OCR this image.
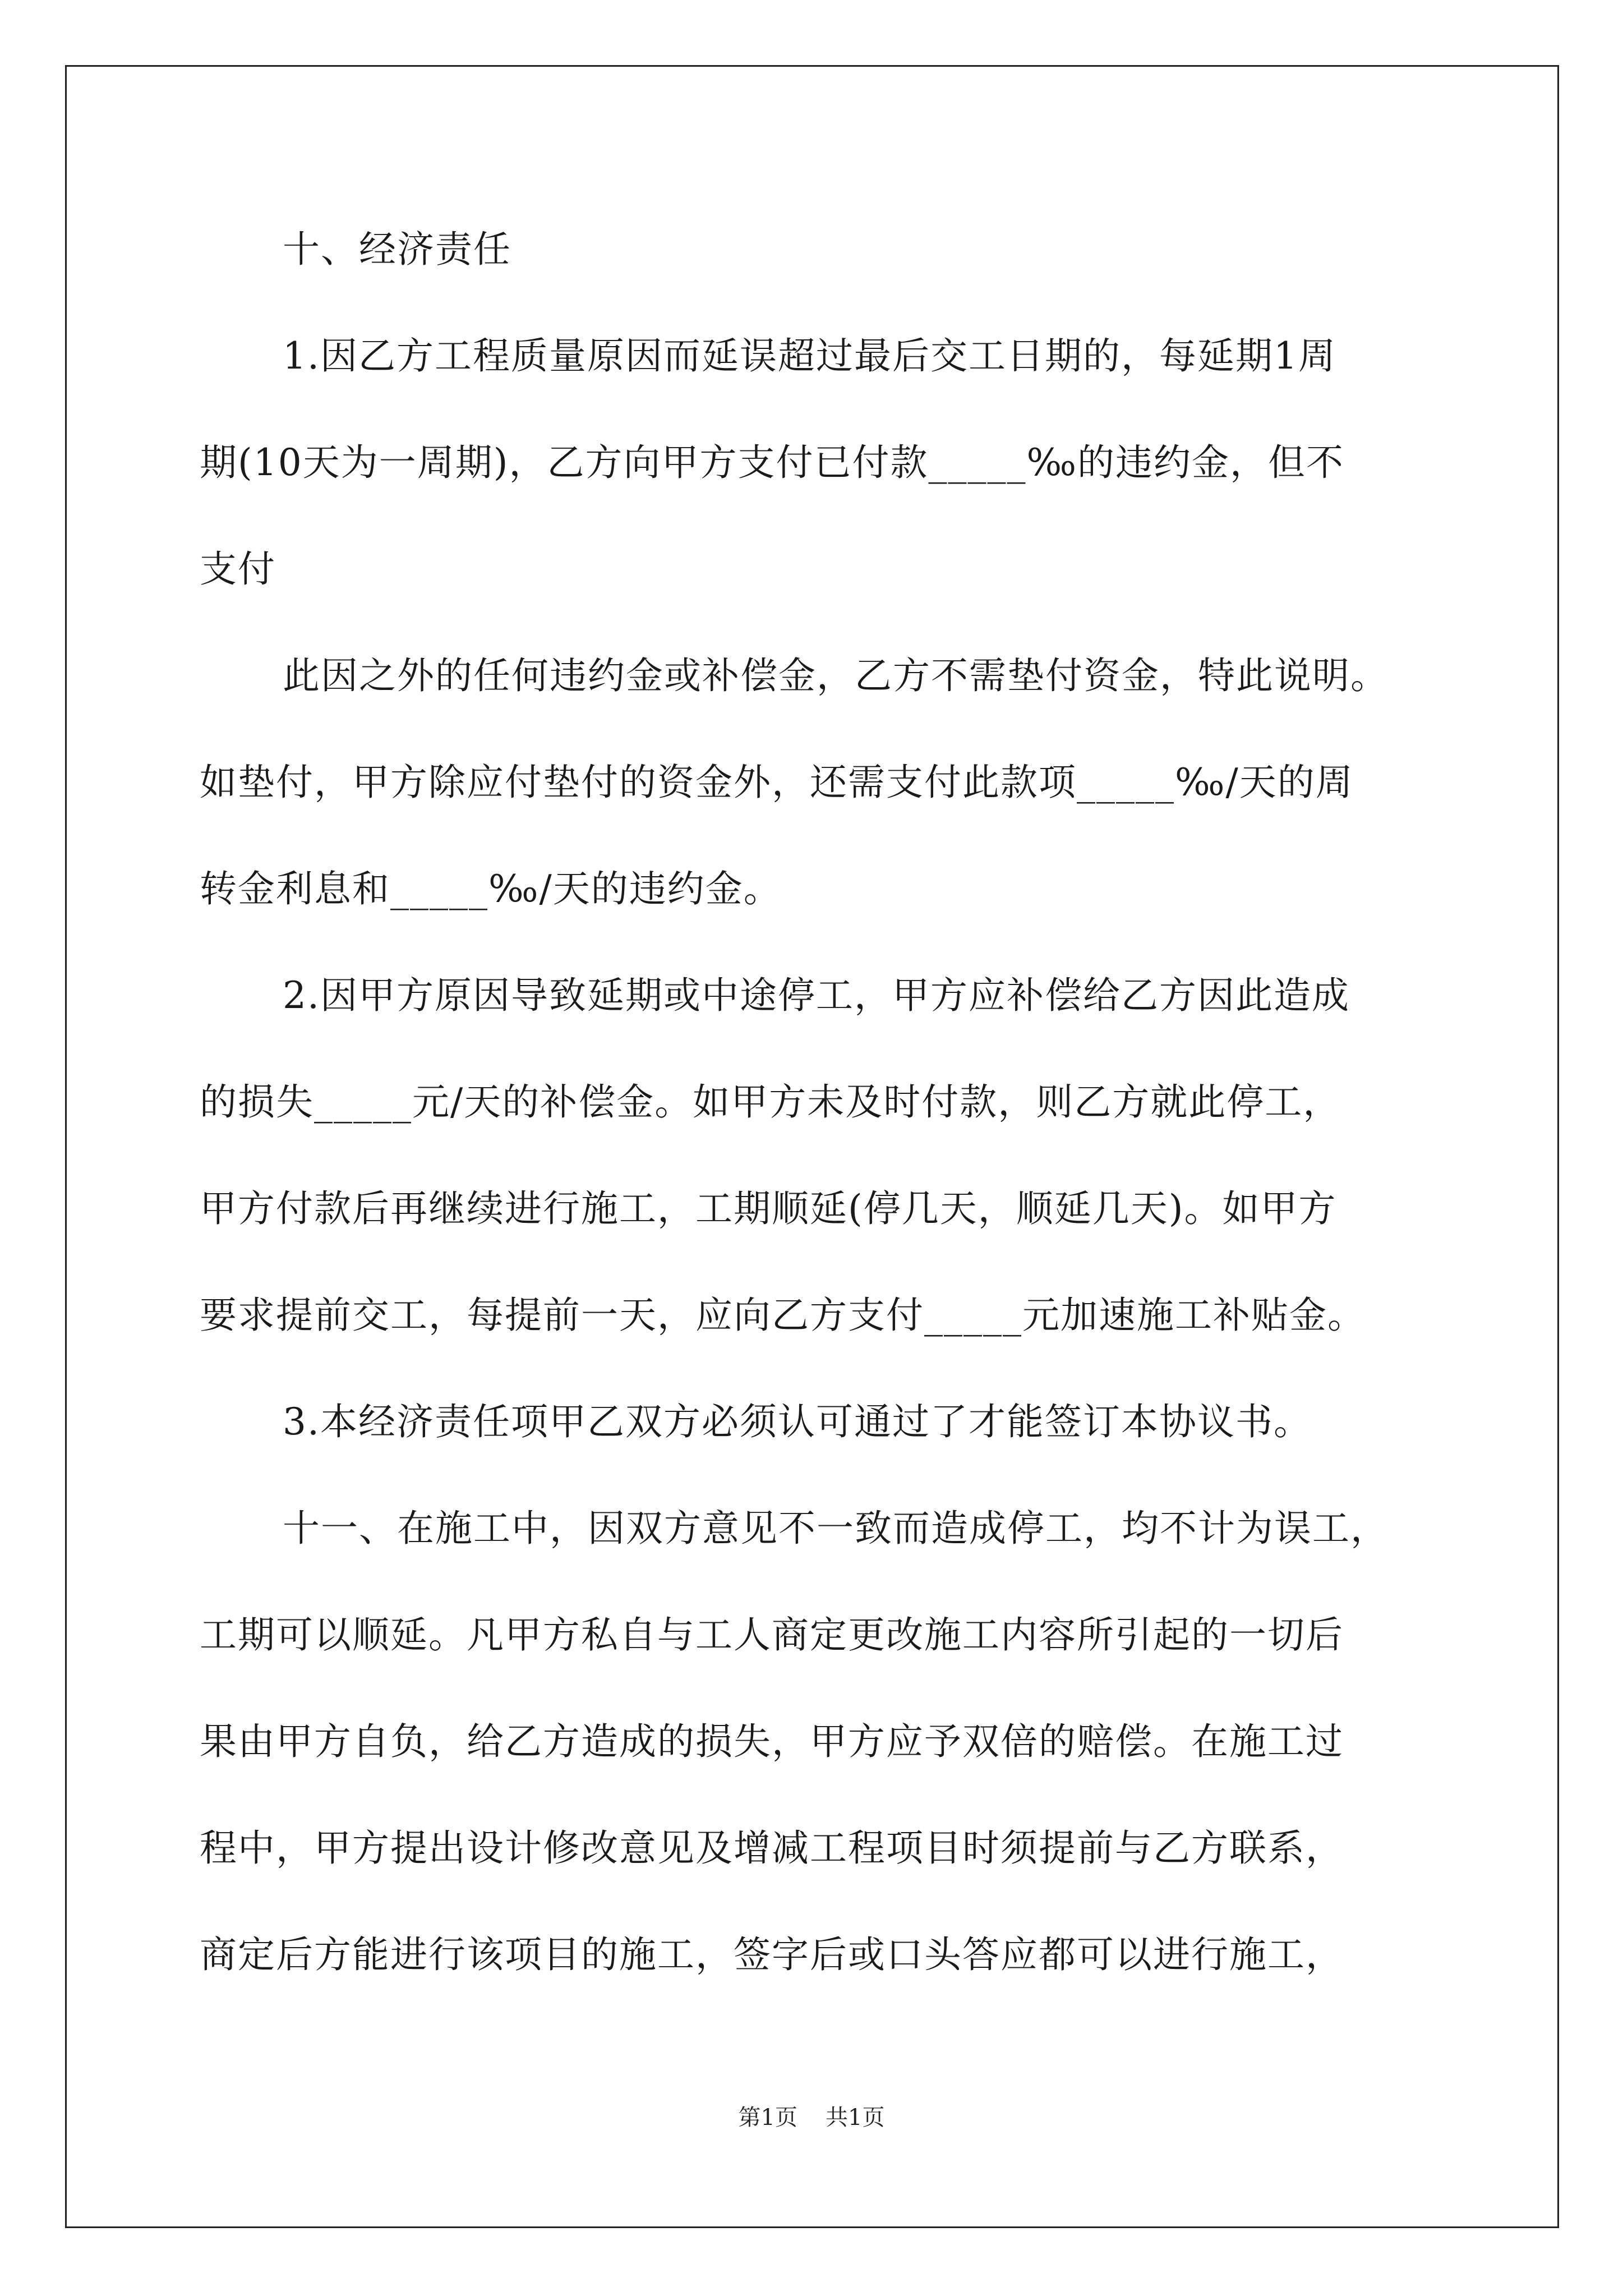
十、经济责任
1.因乙方工程质量原因而延误超过最后交工日期的，每延期1周
期(10天为一周期)，乙方向甲方支付已付款_____‰的违约金，但不
支付
此因之外的任何违约金或补偿金，乙方不需垫付资金，特此说明。
如垫付，甲方除应付垫付的资金外，还需支付此款项_____‰/天的周
转金利息和_____‰/天的违约金。
2.因甲方原因导致延期或中途停工，甲方应补偿给乙方因此造成
的损失_____元/天的补偿金。如甲方未及时付款，则乙方就此停工，
甲方付款后再继续进行施工，工期顺延(停几天，顺延几天)。如甲方
要求提前交工，每提前一天，应向乙方支付_____元加速施工补贴金。
3.本经济责任项甲乙双方必须认可通过了才能签订本协议书。
十一、在施工中，因双方意见不一致而造成停工，均不计为误工，
工期可以顺延。凡甲方私自与工人商定更改施工内容所引起的一切后
果由甲方自负，给乙方造成的损失，甲方应予双倍的赔偿。在施工过
程中，甲方提出设计修改意见及增减工程项目时须提前与乙方联系，
商定后方能进行该项目的施工，签字后或口头答应都可以进行施工，
第1页 共1页
